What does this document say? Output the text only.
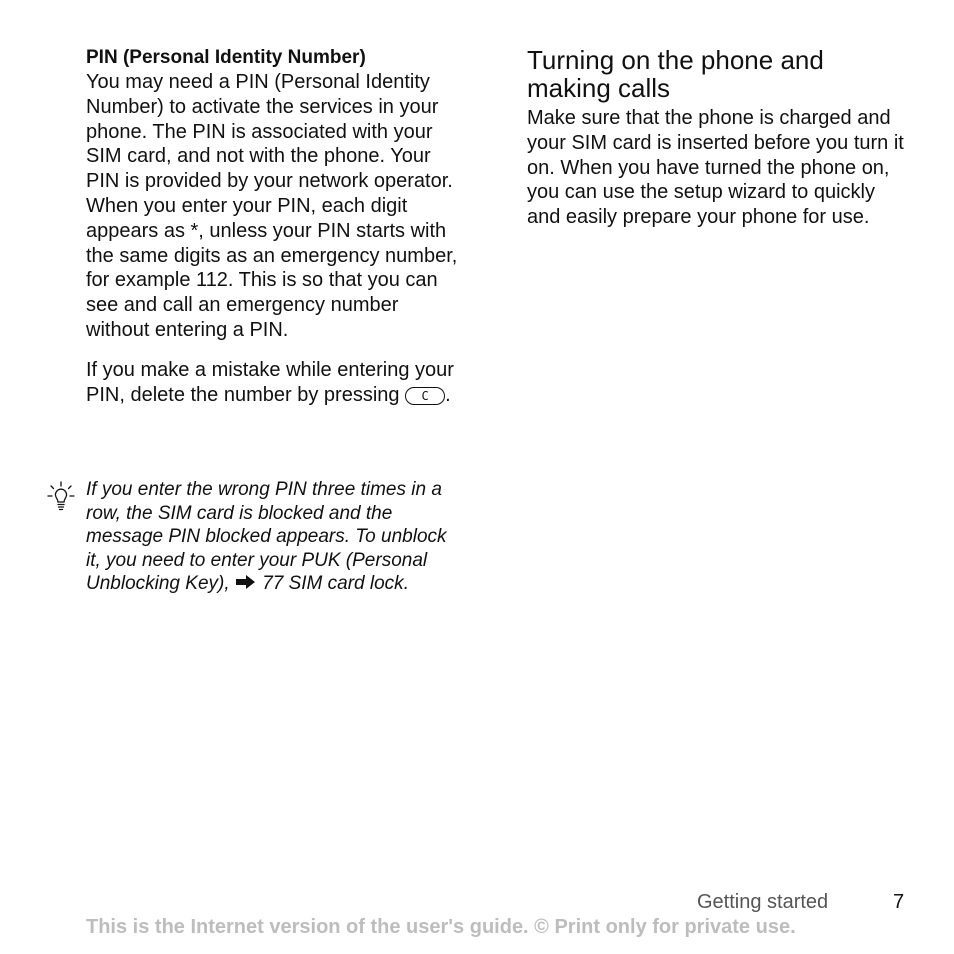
PIN (Personal Identity Number)

You may need a PIN (Personal Identity Number) to activate the services in your phone. The PIN is associated with your SIM card, and not with the phone. Your PIN is provided by your network operator. When you enter your PIN, each digit appears as *, unless your PIN starts with the same digits as an emergency number, for example 112. This is so that you can see and call an emergency number without entering a PIN.

If you make a mistake while entering your PIN, delete the number by pressing C .

If you enter the wrong PIN three times in a row, the SIM card is blocked and the message PIN blocked appears. To unblock it, you need to enter your PUK (Personal Unblocking Key), 77 SIM card lock.

Turning on the phone and making calls

Make sure that the phone is charged and your SIM card is inserted before you turn it on. When you have turned the phone on, you can use the setup wizard to quickly and easily prepare your phone for use.

Getting started	7
This is the Internet version of the user's guide. © Print only for private use.
